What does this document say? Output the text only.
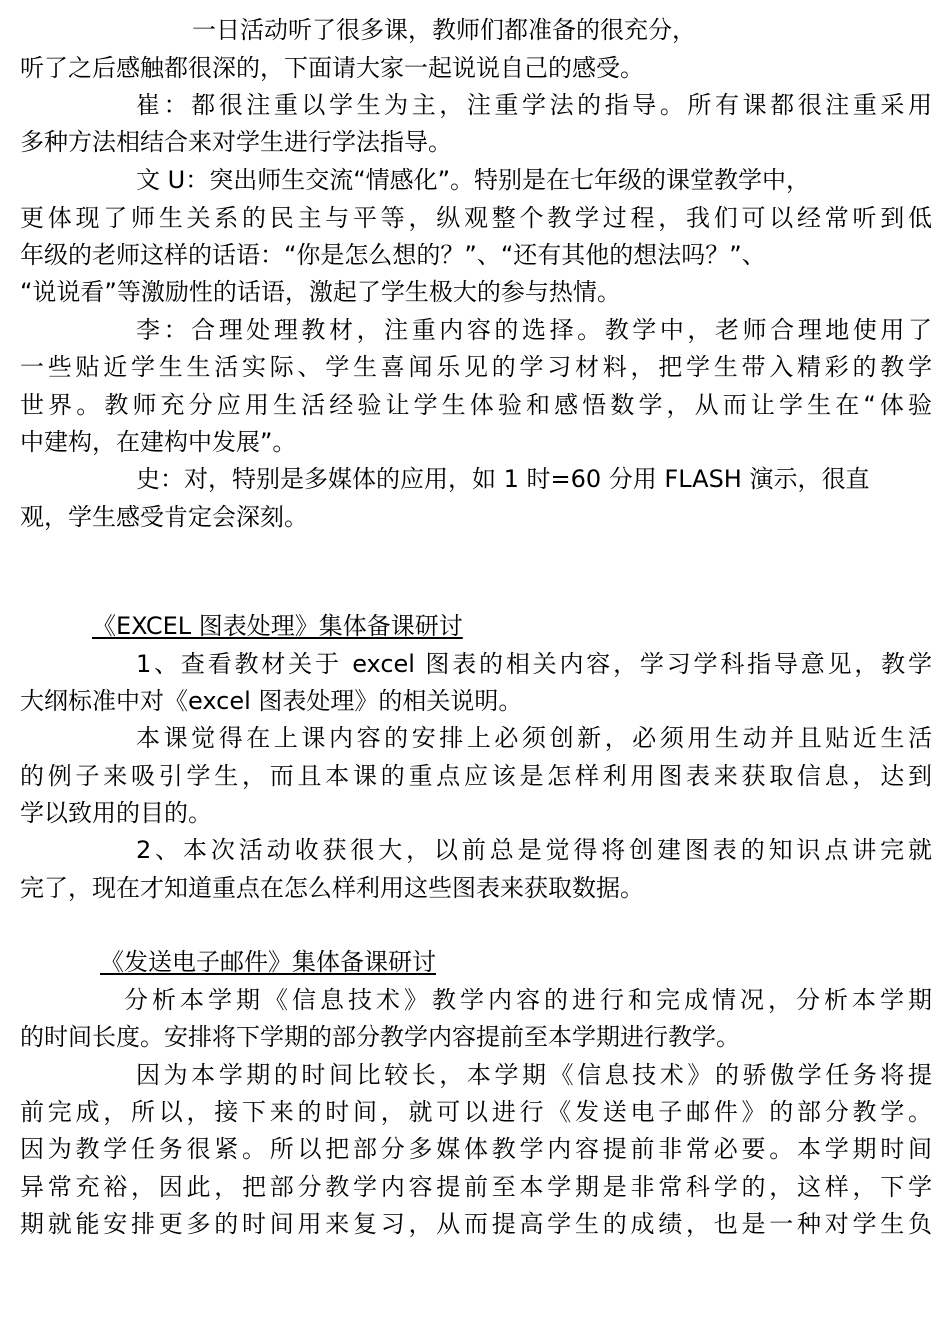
一日活动听了很多课，教师们都准备的很充分，
听了之后感触都很深的，下面请大家一起说说自己的感受。
崔：都很注重以学生为主，注重学法的指导。所有课都很注重采用
多种方法相结合来对学生进行学法指导。
文 U：突出师生交流“情感化”。特别是在七年级的课堂教学中，
更体现了师生关系的民主与平等，纵观整个教学过程，我们可以经常听到低
年级的老师这样的话语：“你是怎么想的？”、“还有其他的想法吗？”、
“说说看”等激励性的话语，激起了学生极大的参与热情。
李：合理处理教材，注重内容的选择。教学中，老师合理地使用了
一些贴近学生生活实际、学生喜闻乐见的学习材料，把学生带入精彩的教学
世界。教师充分应用生活经验让学生体验和感悟数学，从而让学生在“体验
中建构，在建构中发展”。
史：对，特别是多媒体的应用，如 1 时=60 分用 FLASH 演示，很直
观，学生感受肯定会深刻。
《EXCEL 图表处理》集体备课研讨
1、查看教材关于 excel 图表的相关内容，学习学科指导意见，教学
大纲标准中对《excel 图表处理》的相关说明。
本课觉得在上课内容的安排上必须创新，必须用生动并且贴近生活
的例子来吸引学生，而且本课的重点应该是怎样利用图表来获取信息，达到
学以致用的目的。
2、本次活动收获很大，以前总是觉得将创建图表的知识点讲完就
完了，现在才知道重点在怎么样利用这些图表来获取数据。
《发送电子邮件》集体备课研讨
分析本学期《信息技术》教学内容的进行和完成情况，分析本学期
的时间长度。安排将下学期的部分教学内容提前至本学期进行教学。
因为本学期的时间比较长，本学期《信息技术》的骄傲学任务将提
前完成，所以，接下来的时间，就可以进行《发送电子邮件》的部分教学。
因为教学任务很紧。所以把部分多媒体教学内容提前非常必要。本学期时间
异常充裕，因此，把部分教学内容提前至本学期是非常科学的，这样，下学
期就能安排更多的时间用来复习，从而提高学生的成绩，也是一种对学生负
